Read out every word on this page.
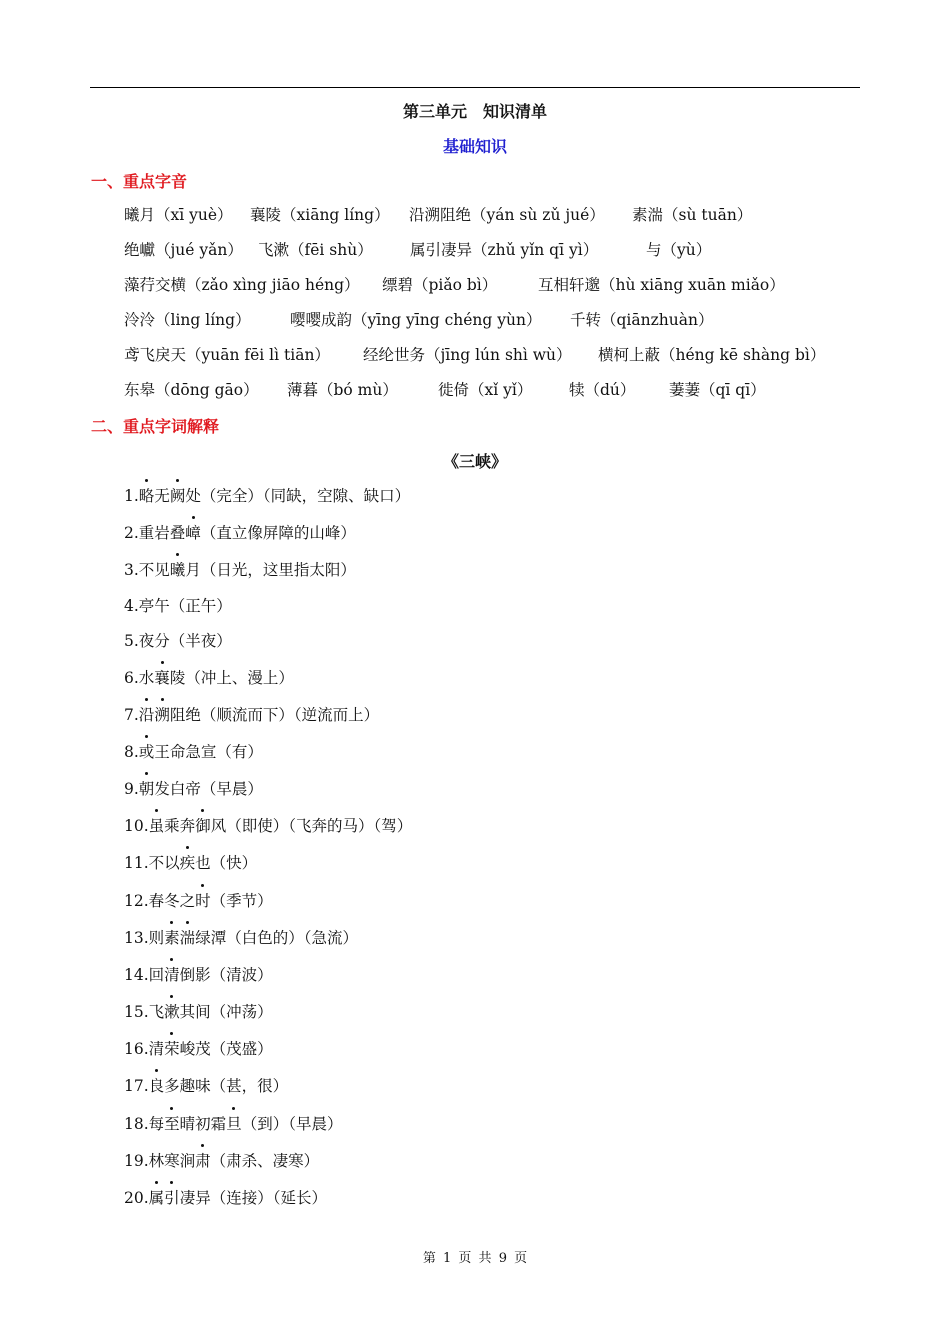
第三单元　知识清单
基础知识
一、重点字音
曦月（xī yuè） 襄陵（xiāng líng） 沿溯阻绝（yán sù zǔ jué） 素湍（sù tuān）
绝巘（jué yǎn） 飞漱（fēi shù） 属引凄异（zhǔ yǐn qī yì）	与（yù）
藻荇交横（zǎo xìng jiāo héng） 缥碧（piǎo bì）	互相轩邈（hù xiāng xuān miǎo）
泠泠（ling líng）	嘤嘤成韵（yīng yīng chéng yùn） 千转（qiānzhuàn）
鸢飞戾天（yuān fēi lì tiān） 经纶世务（jīng lún shì wù） 横柯上蔽（héng kē shàng bì）
东皋（dōng gāo） 薄暮（bó mù）	徙倚（xǐ yǐ） 犊（dú） 萋萋（qī qī）
二、重点字词解释
《三峡》
1.略无阙处（完全）（同缺，空隙、缺口）
2.重岩叠嶂（直立像屏障的山峰）
3.不见曦月（日光，这里指太阳）
4.亭午（正午）
5.夜分（半夜）
6.水襄陵（冲上、漫上）
7.沿溯阻绝（顺流而下）（逆流而上）
8.或王命急宣（有）
9.朝发白帝（早晨）
10.虽乘奔御风（即使）（飞奔的马）（驾）
11.不以疾也（快）
12.春冬之时（季节）
13.则素湍绿潭（白色的）（急流）
14.回清倒影（清波）
15.飞漱其间（冲荡）
16.清荣峻茂（茂盛）
17.良多趣味（甚，很）
18.每至晴初霜旦（到）（早晨）
19.林寒涧肃（肃杀、凄寒）
20.属引凄异（连接）（延长）
第 1 页 共 9 页
